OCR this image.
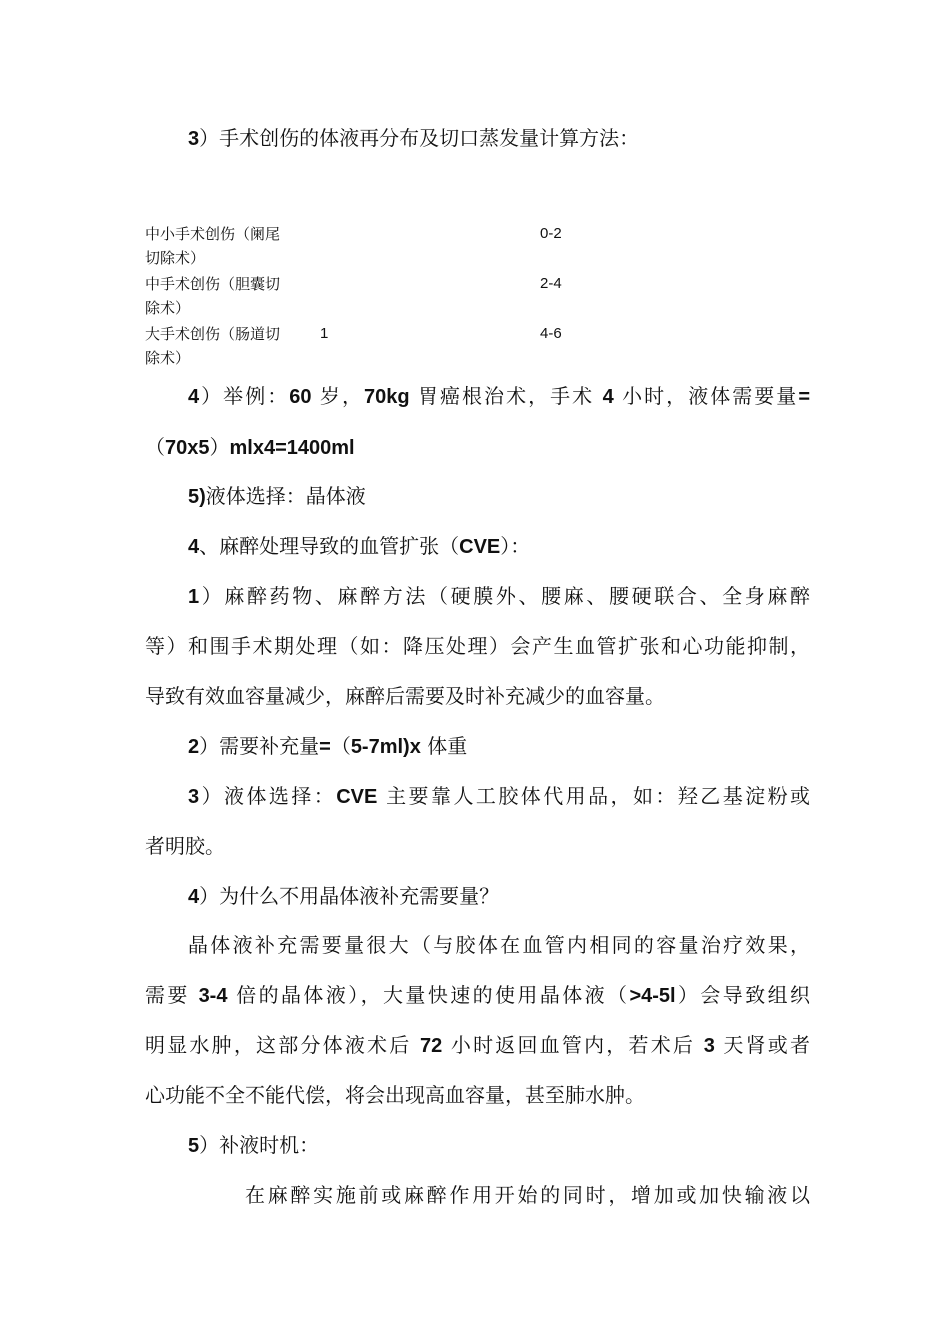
3）手术创伤的体液再分布及切口蒸发量计算方法：
中小手术创伤（阑尾
切除术）
0-2
中手术创伤（胆囊切
除术）
2-4
大手术创伤（肠道切
除术）
1	4-6
4）举例：60 岁，70kg 胃癌根治术，手术 4 小时，液体需要量=
（70x5）mlx4=1400ml
5)液体选择：晶体液
4、麻醉处理导致的血管扩张（CVE）：
1）麻醉药物、麻醉方法（硬膜外、腰麻、腰硬联合、全身麻醉
等）和围手术期处理（如：降压处理）会产生血管扩张和心功能抑制，
导致有效血容量减少，麻醉后需要及时补充减少的血容量。
2）需要补充量=（5-7ml)x 体重
3）液体选择：CVE 主要靠人工胶体代用品，如：羟乙基淀粉或
者明胶。
4）为什么不用晶体液补充需要量？
晶体液补充需要量很大（与胶体在血管内相同的容量治疗效果，
需要 3-4 倍的晶体液），大量快速的使用晶体液（>4-5l）会导致组织
明显水肿，这部分体液术后 72 小时返回血管内，若术后 3 天肾或者
心功能不全不能代偿，将会出现高血容量，甚至肺水肿。
5）补液时机：
在麻醉实施前或麻醉作用开始的同时，增加或加快输液以
